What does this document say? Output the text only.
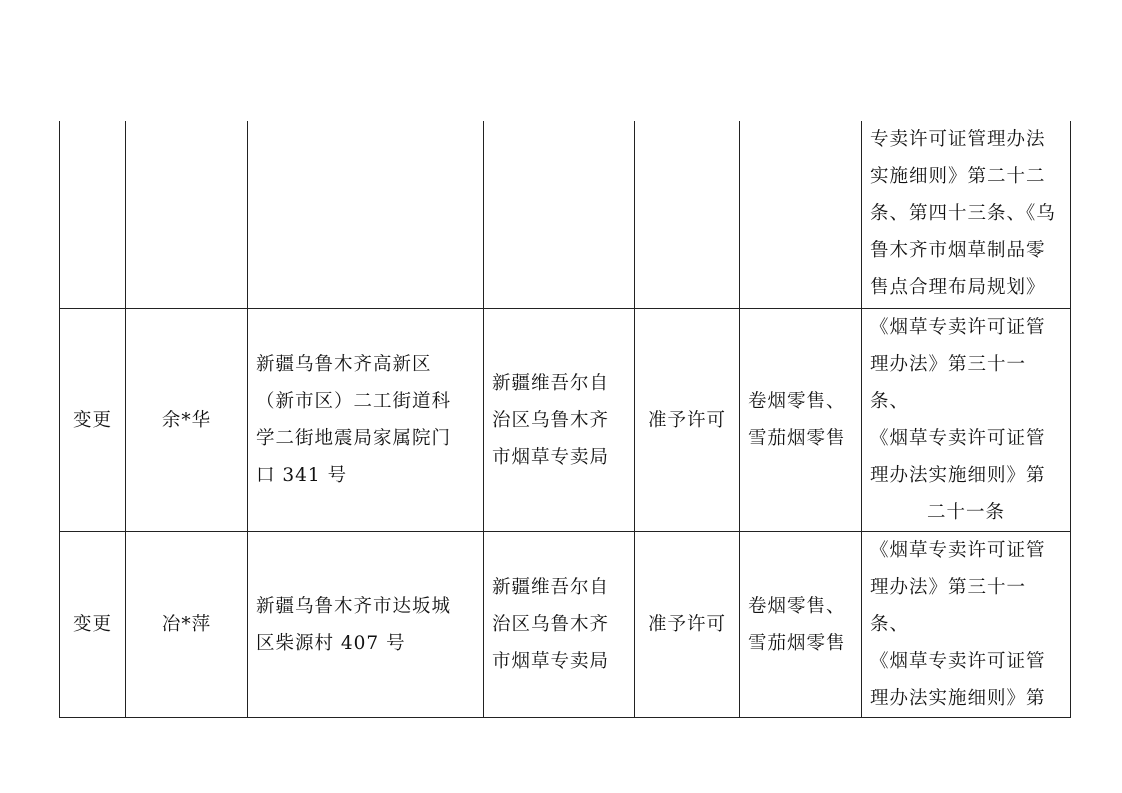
						专卖许可证管理办法
实施细则》第二十二
条、第四十三条、《乌
鲁木齐市烟草制品零
售点合理布局规划》

变更	余*华	新疆乌鲁木齐高新区
（新市区）二工街道科
学二街地震局家属院门
口 341 号	新疆维吾尔自
治区乌鲁木齐
市烟草专卖局	准予许可	卷烟零售、
雪茄烟零售	《烟草专卖许可证管
理办法》第三十一条、
《烟草专卖许可证管
理办法实施细则》第
二十一条

变更	冶*萍	新疆乌鲁木齐市达坂城
区柴源村 407 号	新疆维吾尔自
治区乌鲁木齐
市烟草专卖局	准予许可	卷烟零售、
雪茄烟零售	《烟草专卖许可证管
理办法》第三十一条、
《烟草专卖许可证管
理办法实施细则》第
